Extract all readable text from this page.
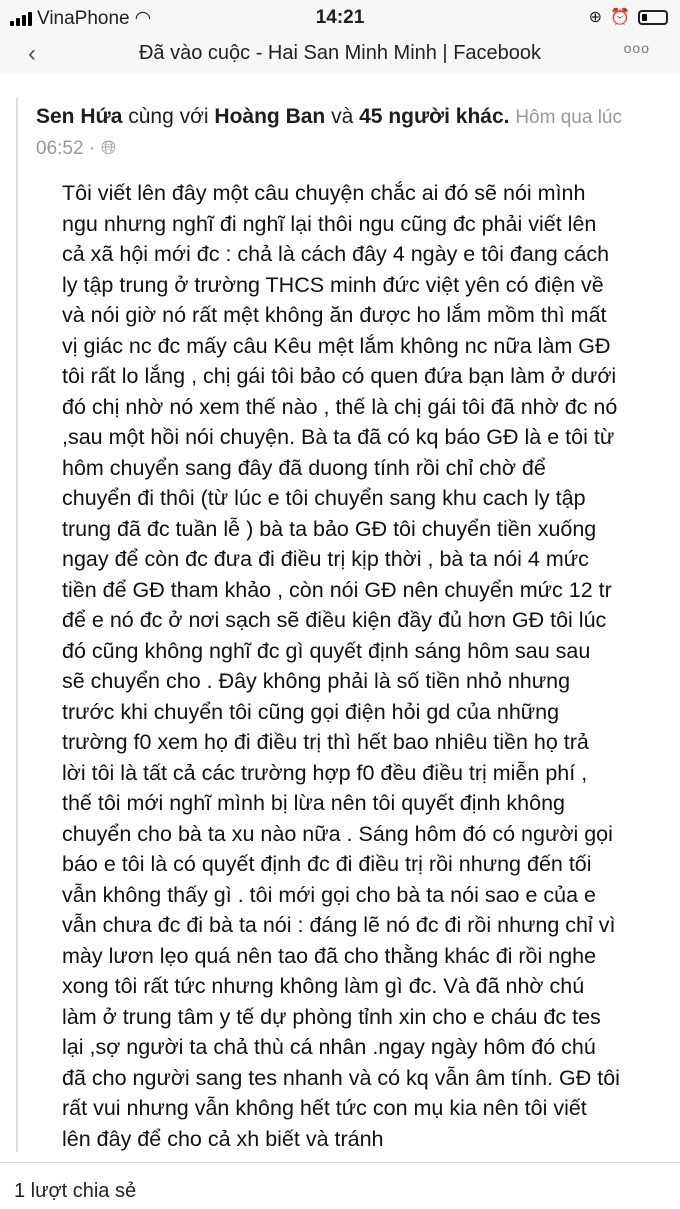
VinaPhone ◠	14:21	⊕ ⏰
‹	Đã vào cuộc - Hai San Minh Minh | Facebook	ooo
Sen Hứa cùng với Hoàng Ban và 45 người khác. Hôm qua lúc 06:52 · 🌐︎
Tôi viết lên đây một câu chuyện chắc ai đó sẽ nói mình
ngu nhưng nghĩ đi nghĩ lại thôi ngu cũng đc phải viết lên
cả xã hội mới đc : chả là cách đây 4 ngày e tôi đang cách
ly tập trung ở trường THCS minh đức việt yên có điện về
và nói giờ nó rất mệt không ăn được ho lắm mồm thì mất
vị giác nc đc mấy câu Kêu mệt lắm không nc nữa làm GĐ
tôi rất lo lắng , chị gái tôi bảo có quen đứa bạn làm ở dưới
đó chị nhờ nó xem thế nào , thế là chị gái tôi đã nhờ đc nó
,sau một hồi nói chuyện. Bà ta đã có kq báo GĐ là e tôi từ
hôm chuyển sang đây đã duong tính rồi chỉ chờ để
chuyển đi thôi (từ lúc e tôi chuyển sang khu cach ly tập
trung đã đc tuần lễ ) bà ta bảo GĐ tôi chuyển tiền xuống
ngay để còn đc đưa đi điều trị kịp thời , bà ta nói 4 mức
tiền để GĐ tham khảo , còn nói GĐ nên chuyển mức 12 tr
để e nó đc ở nơi sạch sẽ điều kiện đầy đủ hơn GĐ tôi lúc
đó cũng không nghĩ đc gì quyết định sáng hôm sau sau
sẽ chuyển cho . Đây không phải là số tiền nhỏ nhưng
trước khi chuyển tôi cũng gọi điện hỏi gd của những
trường f0 xem họ đi điều trị thì hết bao nhiêu tiền họ trả
lời tôi là tất cả các trường hợp f0 đều điều trị miễn phí ,
thế tôi mới nghĩ mình bị lừa nên tôi quyết định không
chuyển cho bà ta xu nào nữa . Sáng hôm đó có người gọi
báo e tôi là có quyết định đc đi điều trị rồi nhưng đến tối
vẫn không thấy gì . tôi mới gọi cho bà ta nói sao e của e
vẫn chưa đc đi bà ta nói : đáng lẽ nó đc đi rồi nhưng chỉ vì
mày lươn lẹo quá nên tao đã cho thằng khác đi rồi nghe
xong tôi rất tức nhưng không làm gì đc. Và đã nhờ chú
làm ở trung tâm y tế dự phòng tỉnh xin cho e cháu đc tes
lại ,sợ người ta chả thù cá nhân .ngay ngày hôm đó chú
đã cho người sang tes nhanh và có kq vẫn âm tính. GĐ tôi
rất vui nhưng vẫn không hết tức con mụ kia nên tôi viết
lên đây để cho cả xh biết và tránh
1 lượt chia sẻ
